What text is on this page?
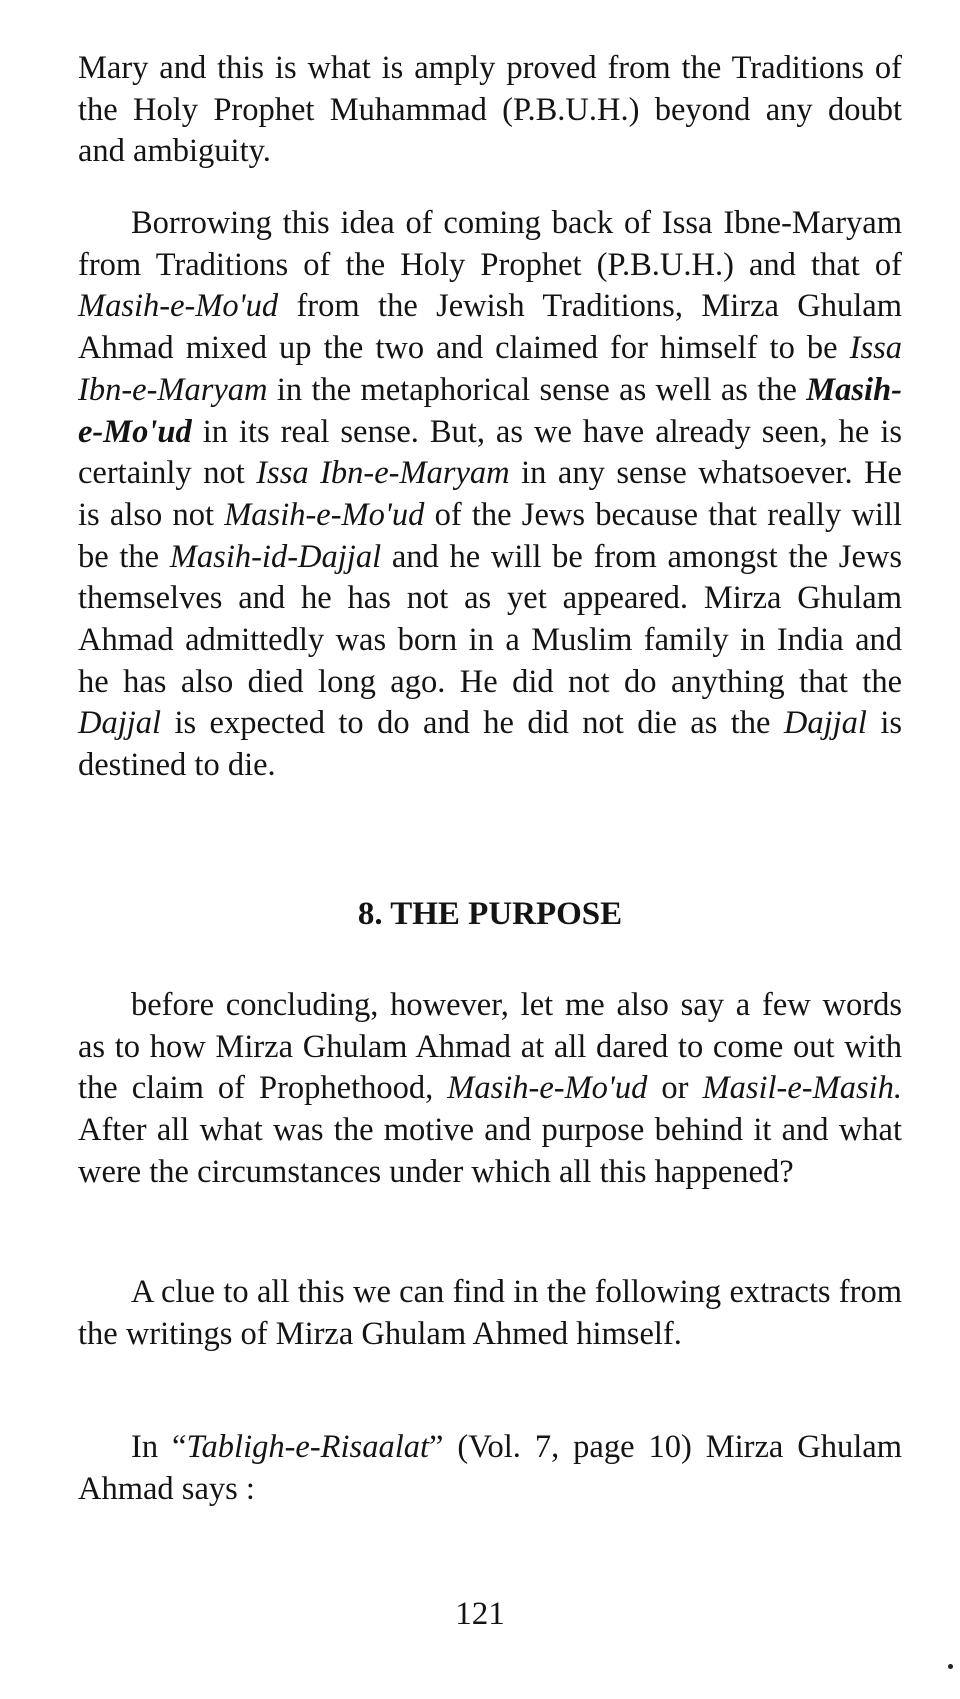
Mary and this is what is amply proved from the Traditions of the Holy Prophet Muhammad (P.B.U.H.) beyond any doubt and ambiguity.

Borrowing this idea of coming back of Issa Ibne-Maryam from Traditions of the Holy Prophet (P.B.U.H.) and that of Masih-e-Mo'ud from the Jewish Traditions, Mirza Ghulam Ahmad mixed up the two and claimed for himself to be Issa Ibn-e-Maryam in the metaphorical sense as well as the Masih-e-Mo'ud in its real sense. But, as we have already seen, he is certainly not Issa Ibn-e-Maryam in any sense whatsoever. He is also not Masih-e-Mo'ud of the Jews because that really will be the Masih-id-Dajjal and he will be from amongst the Jews themselves and he has not as yet appeared. Mirza Ghulam Ahmad admittedly was born in a Muslim family in India and he has also died long ago. He did not do anything that the Dajjal is expected to do and he did not die as the Dajjal is destined to die.

8. THE PURPOSE

before concluding, however, let me also say a few words as to how Mirza Ghulam Ahmad at all dared to come out with the claim of Prophethood, Masih-e-Mo'ud or Masil-e-Masih. After all what was the motive and purpose behind it and what were the circumstances under which all this happened?

A clue to all this we can find in the following extracts from the writings of Mirza Ghulam Ahmed himself.

In “Tabligh-e-Risaalat” (Vol. 7, page 10) Mirza Ghulam Ahmad says :

121
